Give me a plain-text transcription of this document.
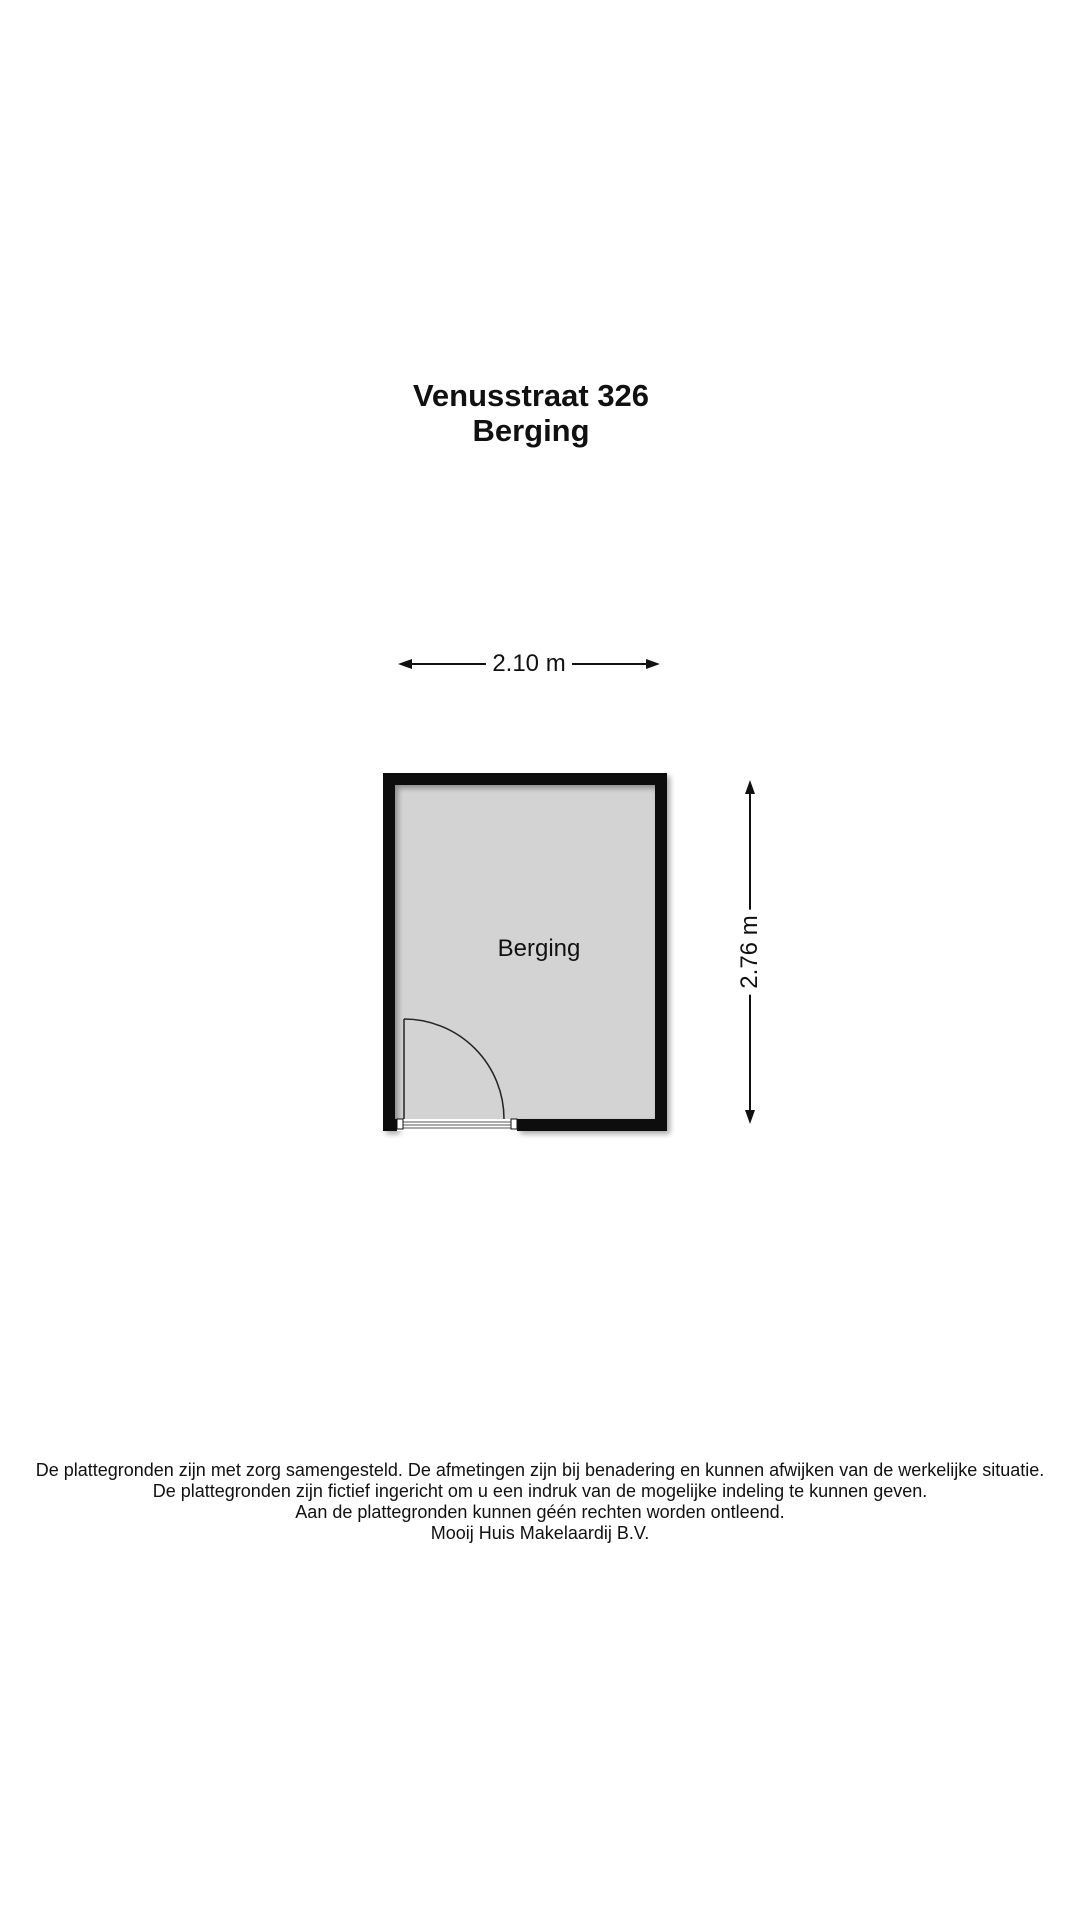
Venusstraat 326
Berging
2.10 m
Berging	2.76 m
De plattegronden zijn met zorg samengesteld. De afmetingen zijn bij benadering en kunnen afwijken van de werkelijke situatie.
De plattegronden zijn fictief ingericht om u een indruk van de mogelijke indeling te kunnen geven.
Aan de plattegronden kunnen géén rechten worden ontleend.
Mooij Huis Makelaardij B.V.
